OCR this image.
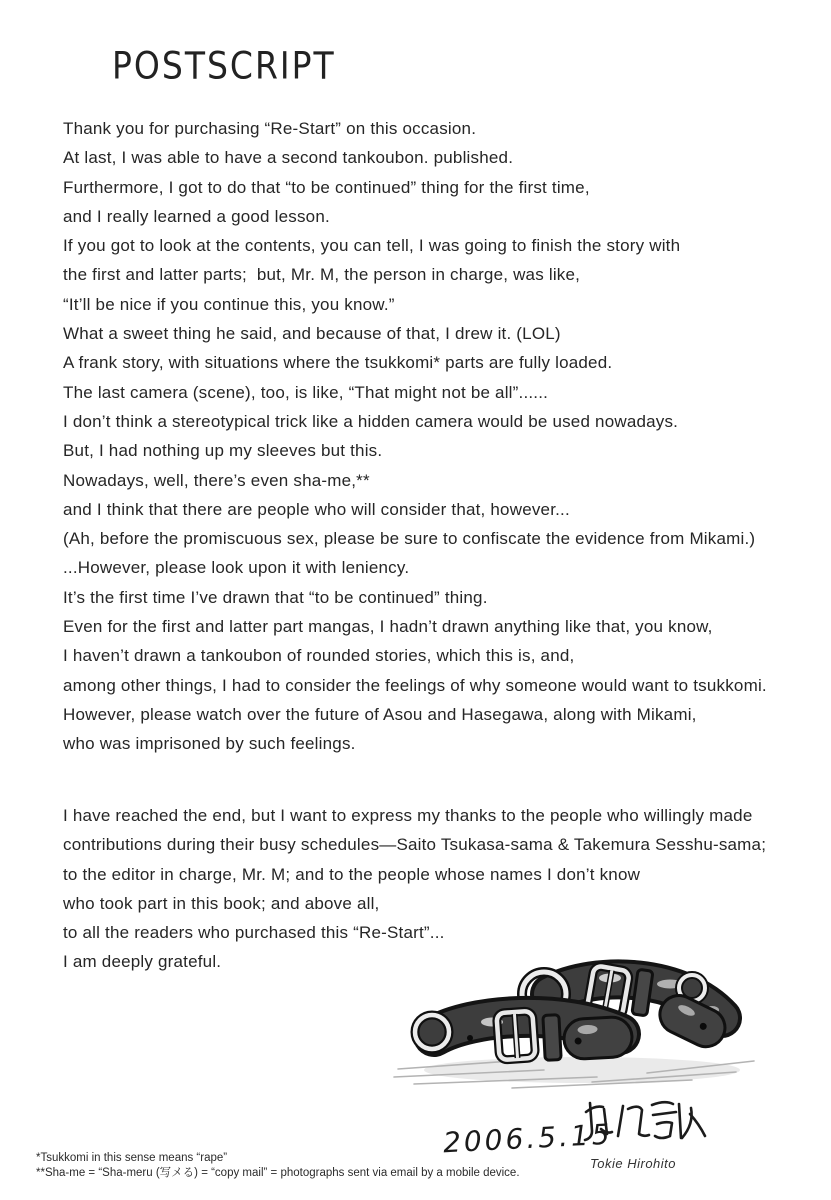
POSTSCRIPT
Thank you for purchasing “Re-Start” on this occasion.
At last, I was able to have a second tankoubon. published.
Furthermore, I got to do that “to be continued” thing for the first time,
and I really learned a good lesson.
If you got to look at the contents, you can tell, I was going to finish the story with
the first and latter parts;  but, Mr. M, the person in charge, was like,
“It’ll be nice if you continue this, you know.”
What a sweet thing he said, and because of that, I drew it. (LOL)
A frank story, with situations where the tsukkomi* parts are fully loaded.
The last camera (scene), too, is like, “That might not be all”......
I don’t think a stereotypical trick like a hidden camera would be used nowadays.
But, I had nothing up my sleeves but this.
Nowadays, well, there’s even sha-me,**
and I think that there are people who will consider that, however...
(Ah, before the promiscuous sex, please be sure to confiscate the evidence from Mikami.)
...However, please look upon it with leniency.
It’s the first time I’ve drawn that “to be continued” thing.
Even for the first and latter part mangas, I hadn’t drawn anything like that, you know,
I haven’t drawn a tankoubon of rounded stories, which this is, and,
among other things, I had to consider the feelings of why someone would want to tsukkomi.
However, please watch over the future of Asou and Hasegawa, along with Mikami,
who was imprisoned by such feelings.
I have reached the end, but I want to express my thanks to the people who willingly made
contributions during their busy schedules—Saito Tsukasa-sama & Takemura Sesshu-sama;
to the editor in charge, Mr. M; and to the people whose names I don’t know
who took part in this book; and above all,
to all the readers who purchased this “Re-Start”...
I am deeply grateful.
2006.5.15
Tokie Hirohito
*Tsukkomi in this sense means “rape”
**Sha-me = “Sha-meru (写メる) = “copy mail” = photographs sent via email by a mobile device.
